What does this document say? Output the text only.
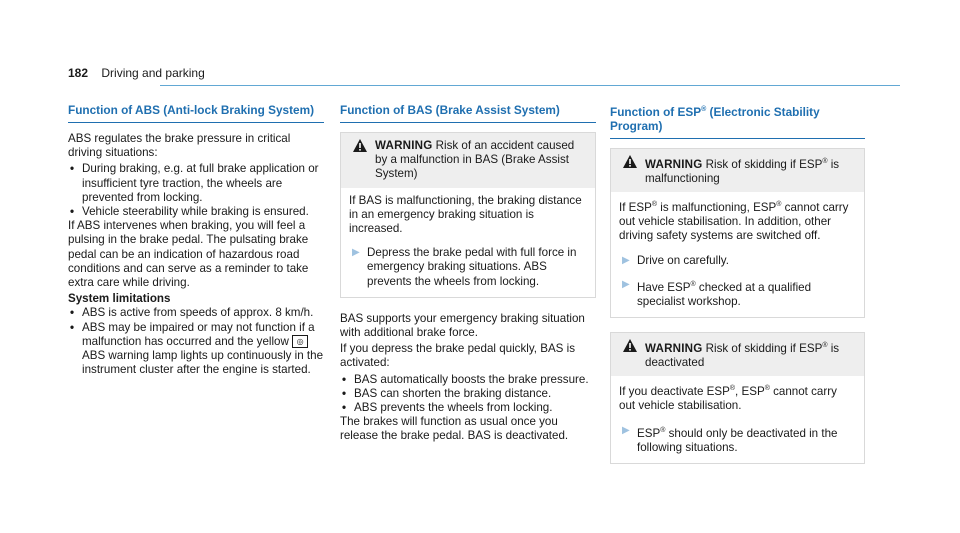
182 Driving and parking
Function of ABS (Anti-lock Braking System)

ABS regulates the brake pressure in critical driving situations:

• During braking, e.g. at full brake application or insufficient tyre traction, the wheels are prevented from locking.
• Vehicle steerability while braking is ensured.

If ABS intervenes when braking, you will feel a pulsing in the brake pedal. The pulsating brake pedal can be an indication of hazardous road conditions and can serve as a reminder to take extra care while driving.

System limitations
• ABS is active from speeds of approx. 8 km/h.
• ABS may be impaired or may not function if a malfunction has occurred and the yellow ◎ ABS warning lamp lights up continuously in the instrument cluster after the engine is started.
Function of BAS (Brake Assist System)
WARNING Risk of an accident caused by a malfunction in BAS (Brake Assist System)

If BAS is malfunctioning, the braking distance in an emergency braking situation is increased.

▶ Depress the brake pedal with full force in emergency braking situations. ABS prevents the wheels from locking.

BAS supports your emergency braking situation with additional brake force.

If you depress the brake pedal quickly, BAS is activated:

• BAS automatically boosts the brake pressure.
• BAS can shorten the braking distance.
• ABS prevents the wheels from locking.

The brakes will function as usual once you release the brake pedal. BAS is deactivated.

Function of ESP® (Electronic Stability Program)
WARNING Risk of skidding if ESP® is malfunctioning

If ESP® is malfunctioning, ESP® cannot carry out vehicle stabilisation. In addition, other driving safety systems are switched off.

▶ Drive on carefully.
▶ Have ESP® checked at a qualified specialist workshop.
WARNING Risk of skidding if ESP® is deactivated

If you deactivate ESP®, ESP® cannot carry out vehicle stabilisation.

▶ ESP® should only be deactivated in the following situations.
